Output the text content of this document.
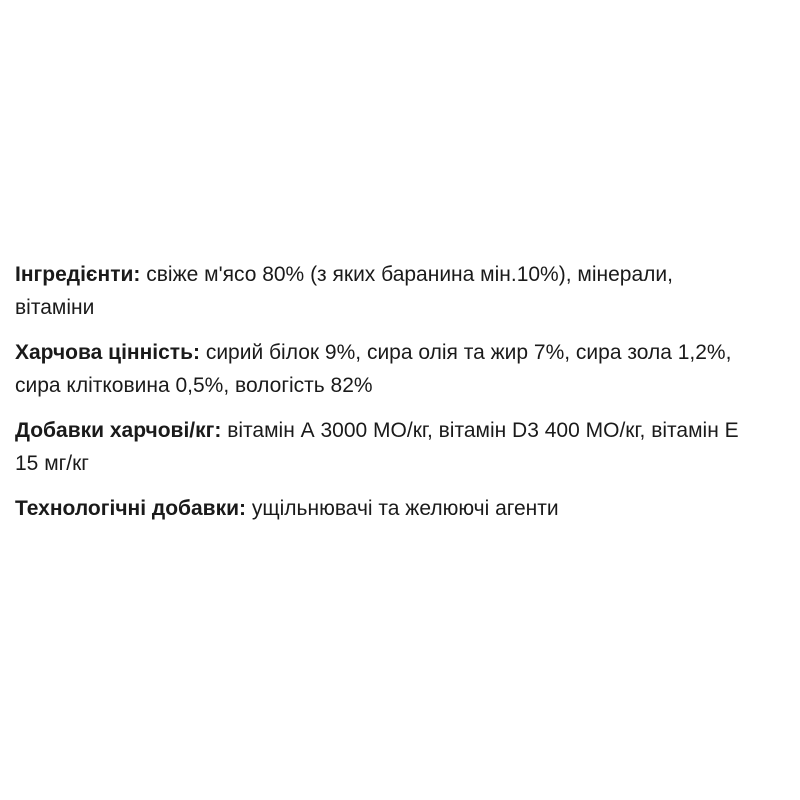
Інгредієнти: свіже м'ясо 80% (з яких баранина мін.10%), мінерали, вітаміни

Харчова цінність: сирий білок 9%, сира олія та жир 7%, сира зола 1,2%, сира клітковина 0,5%, вологість 82%

Добавки харчові/кг: вітамін А 3000 МО/кг, вітамін D3 400 МО/кг, вітамін Е 15 мг/кг

Технологічні добавки: ущільнювачі та желюючі агенти
